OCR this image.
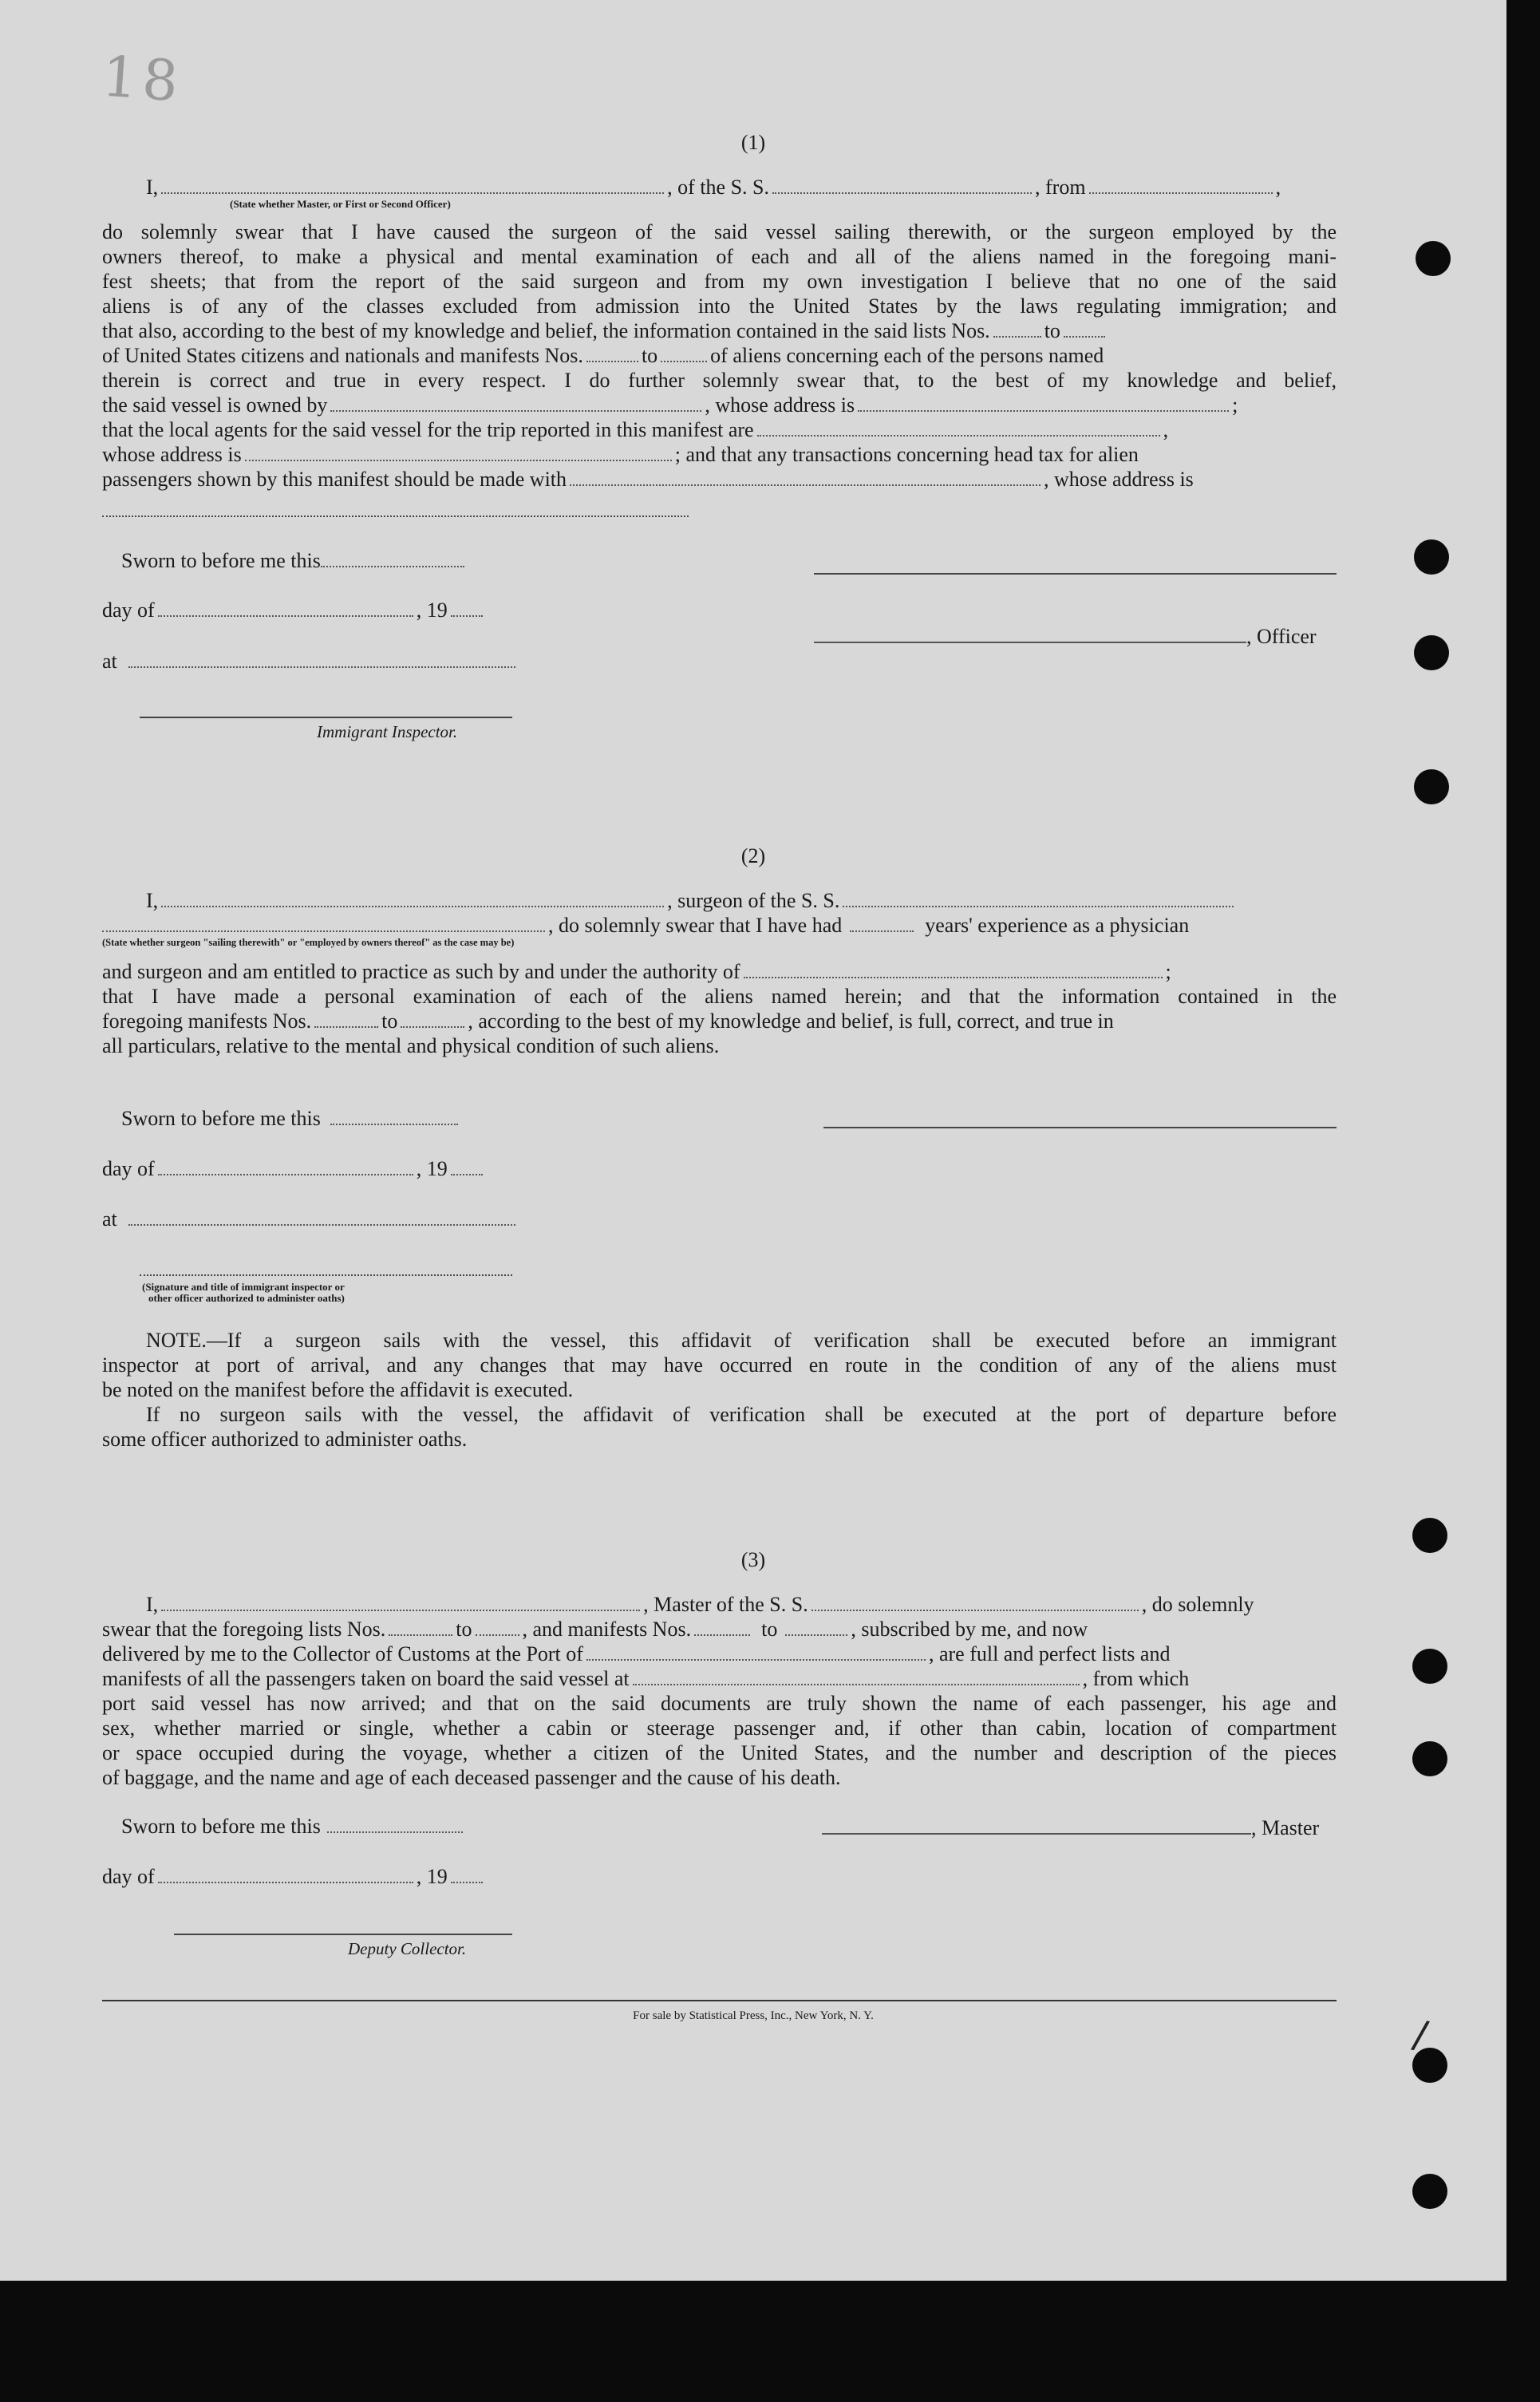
18
(1)
I,	, of the S. S.	, from	,
(State whether Master, or First or Second Officer)
do solemnly swear that I have caused the surgeon of the said vessel sailing therewith, or the surgeon employed by the
owners thereof, to make a physical and mental examination of each and all of the aliens named in the foregoing mani-
fest sheets; that from the report of the said surgeon and from my own investigation I believe that no one of the said
aliens is of any of the classes excluded from admission into the United States by the laws regulating immigration; and
that also, according to the best of my knowledge and belief, the information contained in the said lists Nos.	to
of United States citizens and nationals and manifests Nos.	to	of aliens concerning each of the persons named
therein is correct and true in every respect. I do further solemnly swear that, to the best of my knowledge and belief,
the said vessel is owned by	, whose address is	;
that the local agents for the said vessel for the trip reported in this manifest are	,
whose address is	; and that any transactions concerning head tax for alien
passengers shown by this manifest should be made with	, whose address is
Sworn to before me this
day of	, 19
at
Immigrant Inspector.
, Officer
(2)
I,	, surgeon of the S. S.
, do solemnly swear that I have had	years' experience as a physician
(State whether surgeon "sailing therewith" or "employed by owners thereof" as the case may be)
and surgeon and am entitled to practice as such by and under the authority of	;
that I have made a personal examination of each of the aliens named herein; and that the information contained in the
foregoing manifests Nos.	to	, according to the best of my knowledge and belief, is full, correct, and true in
all particulars, relative to the mental and physical condition of such aliens.
Sworn to before me this
day of	, 19
at
(Signature and title of immigrant inspector or
other officer authorized to administer oaths)
NOTE.—If a surgeon sails with the vessel, this affidavit of verification shall be executed before an immigrant
inspector at port of arrival, and any changes that may have occurred en route in the condition of any of the aliens must
be noted on the manifest before the affidavit is executed.
If no surgeon sails with the vessel, the affidavit of verification shall be executed at the port of departure before
some officer authorized to administer oaths.
(3)
I,	, Master of the S. S.	, do solemnly
swear that the foregoing lists Nos.	to , and manifests Nos.	to	, subscribed by me, and now
delivered by me to the Collector of Customs at the Port of	, are full and perfect lists and
manifests of all the passengers taken on board the said vessel at	, from which
port said vessel has now arrived; and that on the said documents are truly shown the name of each passenger, his age and
sex, whether married or single, whether a cabin or steerage passenger and, if other than cabin, location of compartment
or space occupied during the voyage, whether a citizen of the United States, and the number and description of the pieces
of baggage, and the name and age of each deceased passenger and the cause of his death.
Sworn to before me this	, Master
day of	, 19
Deputy Collector.
For sale by Statistical Press, Inc., New York, N. Y.	/
